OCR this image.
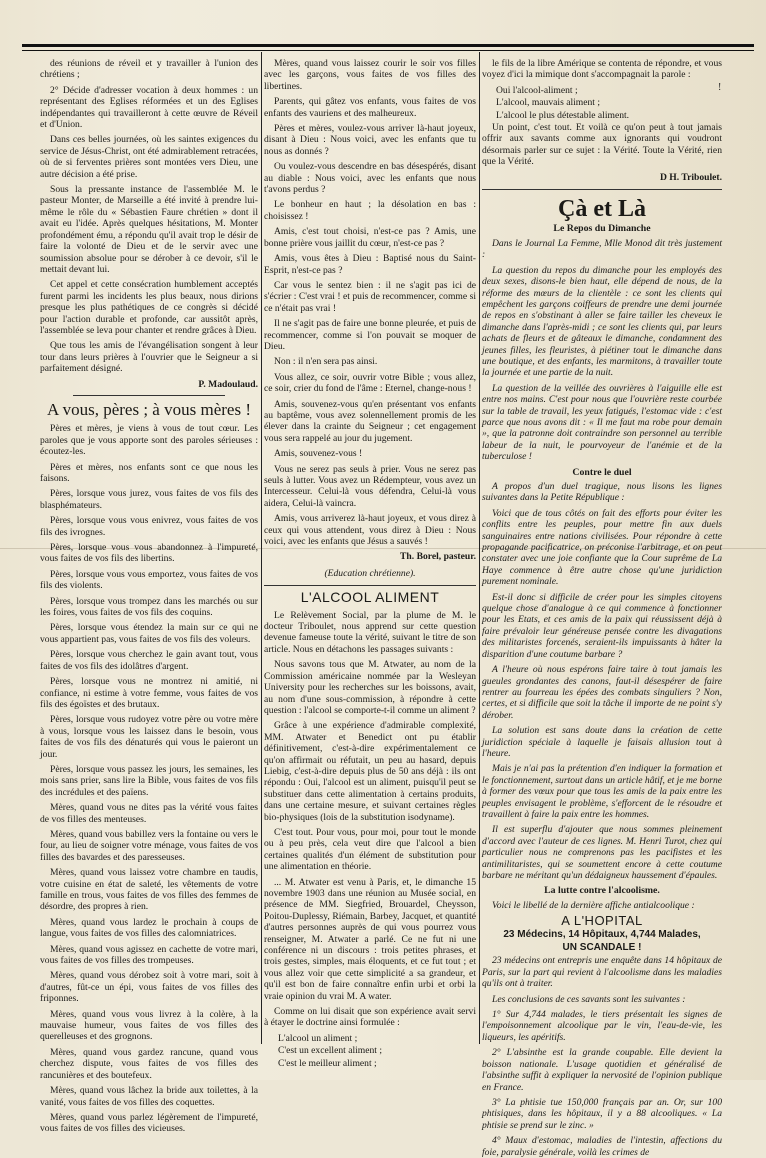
des réunions de réveil et y travailler à l'union des chrétiens ;

2° Décide d'adresser vocation à deux hommes : un représentant des Eglises réformées et un des Eglises indépendantes qui travailleront à cette œuvre de Réveil et d'Union.

Dans ces belles journées, où les saintes exigences du service de Jésus-Christ, ont été admirablement retracées, où de si ferventes prières sont montées vers Dieu, une autre décision a été prise.

Sous la pressante instance de l'assemblée M. le pasteur Monter, de Marseille a été invité à prendre lui-même le rôle du « Sébastien Faure chrétien » dont il avait eu l'idée. Après quelques hésitations, M. Monter profondément ému, a répondu qu'il avait trop le désir de faire la volonté de Dieu et de le servir avec une soumission absolue pour se dérober à ce devoir, s'il le mettait devant lui.

Cet appel et cette consécration humblement acceptés furent parmi les incidents les plus beaux, nous dirions presque les plus pathétiques de ce congrès si décidé pour l'action durable et profonde, car aussitôt après, l'assemblée se leva pour chanter et rendre grâces à Dieu.

Que tous les amis de l'évangélisation songent à leur tour dans leurs prières à l'ouvrier que le Seigneur a si parfaitement désigné.

P. Madoulaud.

A vous, pères ; à vous mères !

Pères et mères, je viens à vous de tout cœur. Les paroles que je vous apporte sont des paroles sérieuses : écoutez-les.

Pères et mères, nos enfants sont ce que nous les faisons.

Pères, lorsque vous jurez, vous faites de vos fils des blasphémateurs.

Pères, lorsque vous vous enivrez, vous faites de vos fils des ivrognes.

Pères, lorsque vous vous abandonnez à l'impureté, vous faites de vos fils des libertins.

Pères, lorsque vous vous emportez, vous faites de vos fils des violents.

Pères, lorsque vous trompez dans les marchés ou sur les foires, vous faites de vos fils des coquins.

Pères, lorsque vous étendez la main sur ce qui ne vous appartient pas, vous faites de vos fils des voleurs.

Pères, lorsque vous cherchez le gain avant tout, vous faites de vos fils des idolâtres d'argent.

Pères, lorsque vous ne montrez ni amitié, ni confiance, ni estime à votre femme, vous faites de vos fils des égoïstes et des brutaux.

Pères, lorsque vous rudoyez votre père ou votre mère à vous, lorsque vous les laissez dans le besoin, vous faites de vos fils des dénaturés qui vous le paieront un jour.

Pères, lorsque vous passez les jours, les semaines, les mois sans prier, sans lire la Bible, vous faites de vos fils des incrédules et des païens.

Mères, quand vous ne dites pas la vérité vous faites de vos filles des menteuses.

Mères, quand vous babillez vers la fontaine ou vers le four, au lieu de soigner votre ménage, vous faites de vos filles des bavardes et des paresseuses.

Mères, quand vous laissez votre chambre en taudis, votre cuisine en état de saleté, les vêtements de votre famille en trous, vous faites de vos filles des femmes de désordre, des propres à rien.

Mères, quand vous lardez le prochain à coups de langue, vous faites de vos filles des calomniatrices.

Mères, quand vous agissez en cachette de votre mari, vous faites de vos filles des trompeuses.

Mères, quand vous dérobez soit à votre mari, soit à d'autres, fût-ce un épi, vous faites de vos filles des friponnes.

Mères, quand vous vous livrez à la colère, à la mauvaise humeur, vous faites de vos filles des querelleuses et des grognons.

Mères, quand vous gardez rancune, quand vous cherchez dispute, vous faites de vos filles des rancunières et des boutefeux.

Mères, quand vous lâchez la bride aux toilettes, à la vanité, vous faites de vos filles des coquettes.

Mères, quand vous parlez légèrement de l'impureté, vous faites de vos filles des vicieuses.

Mères, quand vous laissez courir le soir vos filles avec les garçons, vous faites de vos filles des libertines.

Parents, qui gâtez vos enfants, vous faites de vos enfants des vauriens et des malheureux.

Pères et mères, voulez-vous arriver là-haut joyeux, disant à Dieu : Nous voici, avec les enfants que tu nous as donnés ?

Ou voulez-vous descendre en bas désespérés, disant au diable : Nous voici, avec les enfants que nous t'avons perdus ?

Le bonheur en haut ; la désolation en bas : choisissez !

Amis, c'est tout choisi, n'est-ce pas ? Amis, une bonne prière vous jaillit du cœur, n'est-ce pas ?

Amis, vous êtes à Dieu : Baptisé nous du Saint-Esprit, n'est-ce pas ?

Car vous le sentez bien : il ne s'agit pas ici de s'écrier : C'est vrai ! et puis de recommencer, comme si ce n'était pas vrai !

Il ne s'agit pas de faire une bonne pleurée, et puis de recommencer, comme si l'on pouvait se moquer de Dieu.

Non : il n'en sera pas ainsi.

Vous allez, ce soir, ouvrir votre Bible ; vous allez, ce soir, crier du fond de l'âme : Eternel, change-nous !

Amis, souvenez-vous qu'en présentant vos enfants au baptême, vous avez solennellement promis de les élever dans la crainte du Seigneur ; cet engagement vous sera rappelé au jour du jugement.

Amis, souvenez-vous !

Vous ne serez pas seuls à prier. Vous ne serez pas seuls à lutter. Vous avez un Rédempteur, vous avez un Intercesseur. Celui-là vous défendra, Celui-là vous aidera, Celui-là vaincra.

Amis, vous arriverez là-haut joyeux, et vous direz à ceux qui vous attendent, vous direz à Dieu : Nous voici, avec les enfants que Jésus a sauvés !

Th. Borel, pasteur.

(Education chrétienne).

L'ALCOOL ALIMENT

Le Relèvement Social, par la plume de M. le docteur Triboulet, nous apprend sur cette question devenue fameuse toute la vérité, suivant le titre de son article. Nous en détachons les passages suivants :

Nous savons tous que M. Atwater, au nom de la Commission américaine nommée par la Wesleyan University pour les recherches sur les boissons, avait, au nom d'une sous-commission, à répondre à cette question : l'alcool se comporte-t-il comme un aliment ?

Grâce à une expérience d'admirable complexité, MM. Atwater et Benedict ont pu établir définitivement, c'est-à-dire expérimentalement ce qu'on affirmait ou réfutait, un peu au hasard, depuis Liebig, c'est-à-dire depuis plus de 50 ans déjà : ils ont répondu : Oui, l'alcool est un aliment, puisqu'il peut se substituer dans cette alimentation à certains produits, dans une certaine mesure, et suivant certaines règles bio-physiques (lois de la substitution isodyname).

C'est tout. Pour vous, pour moi, pour tout le monde ou à peu près, cela veut dire que l'alcool a bien certaines qualités d'un élément de substitution pour une alimentation en théorie.

... M. Atwater est venu à Paris, et, le dimanche 15 novembre 1903 dans une réunion au Musée social, en présence de MM. Siegfried, Brouardel, Cheysson, Poitou-Duplessy, Riémain, Barbey, Jacquet, et quantité d'autres personnes auprès de qui vous pourrez vous renseigner, M. Atwater a parlé. Ce ne fut ni une conférence ni un discours : trois petites phrases, et trois gestes, simples, mais éloquents, et ce fut tout ; et vous allez voir que cette simplicité a sa grandeur, et qu'il est bon de faire connaître enfin urbi et orbi la vraie opinion du vrai M. A water.

Comme on lui disait que son expérience avait servi à étayer le doctrine ainsi formulée :

L'alcool un aliment ;

C'est un excellent aliment ;

C'est le meilleur aliment ;

le fils de la libre Amérique se contenta de répondre, et vous voyez d'ici la mimique dont s'accompagnait la parole :

Oui l'alcool-aliment ;

L'alcool, mauvais aliment ;

L'alcool le plus détestable aliment.

Un point, c'est tout. Et voilà ce qu'on peut à tout jamais offrir aux savants comme aux ignorants qui voudront désormais parler sur ce sujet : la Vérité. Toute la Vérité, rien que la Vérité.

D H. Triboulet.

Çà et Là
Le Repos du Dimanche

Dans le Journal La Femme, Mlle Monod dit très justement :

La question du repos du dimanche pour les employés des deux sexes, disons-le bien haut, elle dépend de nous, de la réforme des mœurs de la clientèle : ce sont les clients qui empêchent les garçons coiffeurs de prendre une demi journée de repos en s'obstinant à aller se faire tailler les cheveux le dimanche dans l'après-midi ; ce sont les clients qui, par leurs achats de fleurs et de gâteaux le dimanche, condamnent des jeunes filles, les fleuristes, à piétiner tout le dimanche dans une boutique, et des enfants, les marmitons, à travailler toute la journée et une partie de la nuit.

La question de la veillée des ouvrières à l'aiguille elle est entre nos mains. C'est pour nous que l'ouvrière reste courbée sur la table de travail, les yeux fatigués, l'estomac vide : c'est parce que nous avons dit : « Il me faut ma robe pour demain », que la patronne doit contraindre son personnel au terrible labeur de la nuit, le pourvoyeur de l'anémie et de la tuberculose !

Contre le duel

A propos d'un duel tragique, nous lisons les lignes suivantes dans la Petite République :

Voici que de tous côtés on fait des efforts pour éviter les conflits entre les peuples, pour mettre fin aux duels sanguinaires entre nations civilisées. Pour répondre à cette propagande pacificatrice, on préconise l'arbitrage, et on peut constater avec une joie confiante que la Cour suprême de La Haye commence à être autre chose qu'une juridiction purement nominale.

Est-il donc si difficile de créer pour les simples citoyens quelque chose d'analogue à ce qui commence à fonctionner pour les Etats, et ces amis de la paix qui réussissent déjà à faire prévaloir leur généreuse pensée contre les divagations des militaristes forcenés, seraient-ils impuissants à hâter la disparition d'une coutume barbare ?

A l'heure où nous espérons faire taire à tout jamais les gueules grondantes des canons, faut-il désespérer de faire rentrer au fourreau les épées des combats singuliers ? Non, certes, et si difficile que soit la tâche il importe de ne point s'y dérober.

La solution est sans doute dans la création de cette juridiction spéciale à laquelle je faisais allusion tout à l'heure.

Mais je n'ai pas la prétention d'en indiquer la formation et le fonctionnement, surtout dans un article hâtif, et je me borne à former des vœux pour que tous les amis de la paix entre les peuples envisagent le problème, s'efforcent de le résoudre et travaillent à faire la paix entre les hommes.

Il est superflu d'ajouter que nous sommes pleinement d'accord avec l'auteur de ces lignes. M. Henri Turot, chez qui particulier nous ne comprenons pas les pacifistes et les antimilitaristes, qui se soumettent encore à cette coutume barbare ne méritant qu'un dédaigneux haussement d'épaules.

La lutte contre l'alcoolisme.

Voici le libellé de la dernière affiche antialcoolique :

A L'HOPITAL
23 Médecins, 14 Hôpitaux, 4,744 Malades,
UN SCANDALE !

23 médecins ont entrepris une enquête dans 14 hôpitaux de Paris, sur la part qui revient à l'alcoolisme dans les maladies qu'ils ont à traiter.

Les conclusions de ces savants sont les suivantes :

1° Sur 4,744 malades, le tiers présentait les signes de l'empoisonnement alcoolique par le vin, l'eau-de-vie, les liqueurs, les apéritifs.

2° L'absinthe est la grande coupable. Elle devient la boisson nationale. L'usage quotidien et généralisé de l'absinthe suffit à expliquer la nervosité de l'opinion publique en France.

3° La phtisie tue 150,000 français par an. Or, sur 100 phtisiques, dans les hôpitaux, il y a 88 alcooliques. « La phtisie se prend sur le zinc. »

4° Maux d'estomac, maladies de l'intestin, affections du foie, paralysie générale, voilà les crimes de

!
